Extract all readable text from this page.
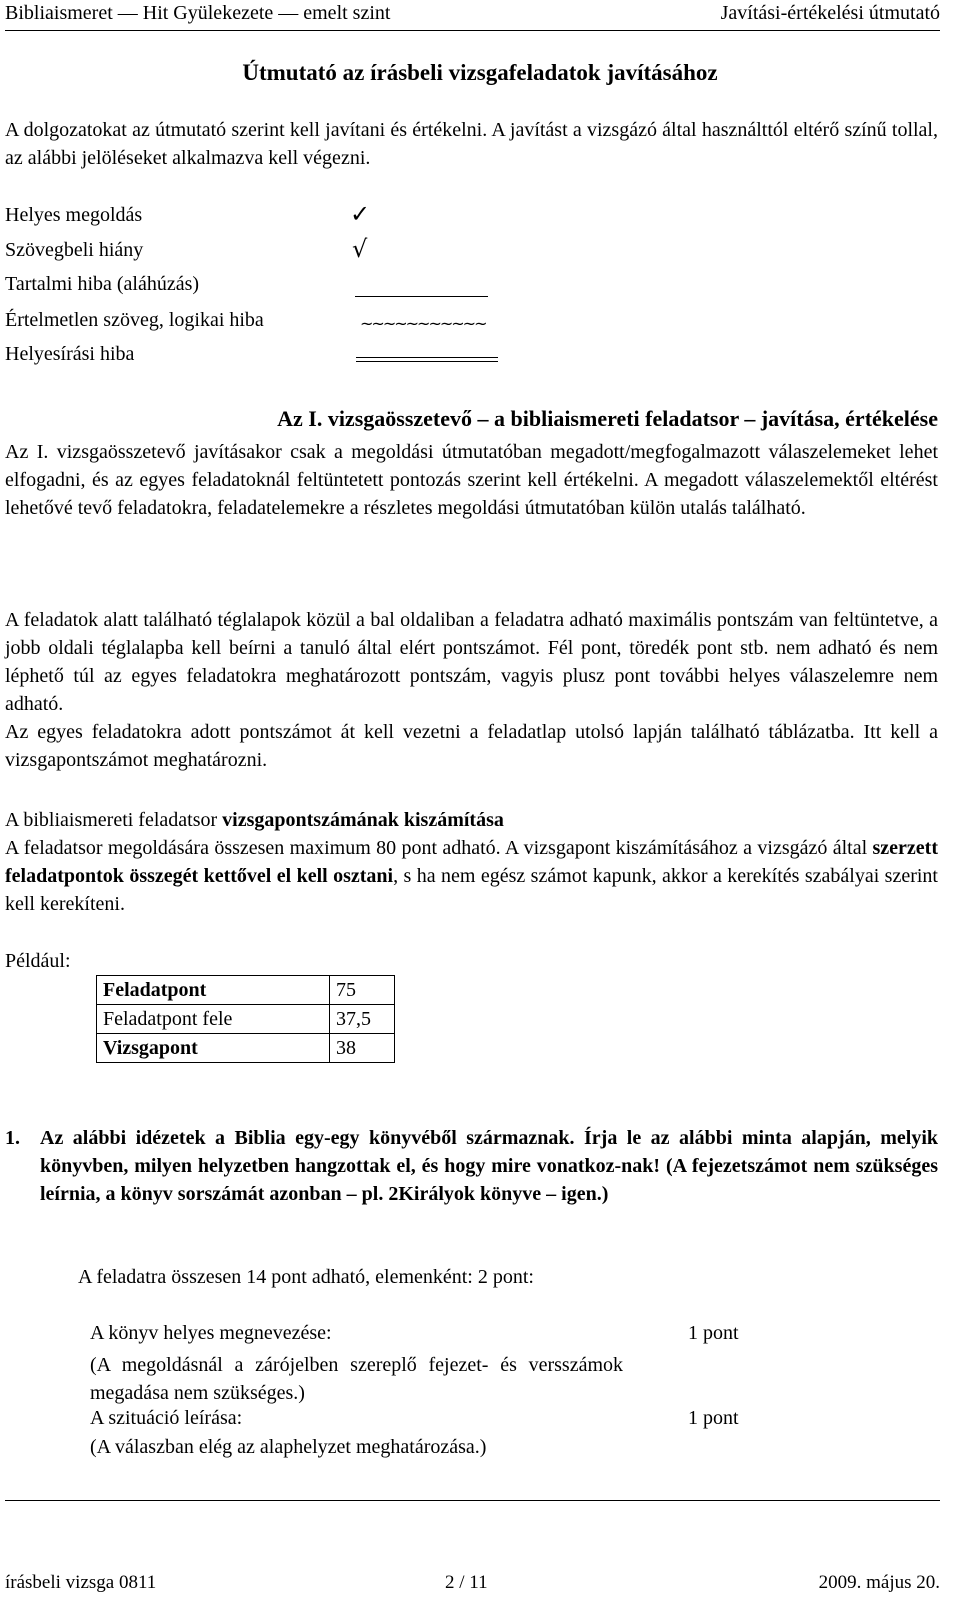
Bibliaismeret — Hit Gyülekezete — emelt szint	Javítási-értékelési útmutató
Útmutató az írásbeli vizsgafeladatok javításához

A dolgozatokat az útmutató szerint kell javítani és értékelni. A javítást a vizsgázó által használttól eltérő színű tollal, az alábbi jelöléseket alkalmazva kell végezni.

Helyes megoldás	✓
Szövegbeli hiány	√
Tartalmi hiba (aláhúzás)
Értelmetlen szöveg, logikai hiba	~~~~~~~~~~~
Helyesírási hiba
Az I. vizsgaösszetevő – a bibliaismereti feladatsor – javítása, értékelése

Az I. vizsgaösszetevő javításakor csak a megoldási útmutatóban megadott/megfogalmazott válaszelemeket lehet elfogadni, és az egyes feladatoknál feltüntetett pontozás szerint kell értékelni. A megadott válaszelemektől eltérést lehetővé tevő feladatokra, feladatelemekre a részletes megoldási útmutatóban külön utalás található.

A feladatok alatt található téglalapok közül a bal oldaliban a feladatra adható maximális pontszám van feltüntetve, a jobb oldali téglalapba kell beírni a tanuló által elért pontszámot. Fél pont, töredék pont stb. nem adható és nem léphető túl az egyes feladatokra meghatározott pontszám, vagyis plusz pont további helyes válaszelemre nem adható.

Az egyes feladatokra adott pontszámot át kell vezetni a feladatlap utolsó lapján található táblázatba. Itt kell a vizsgapontszámot meghatározni.

A bibliaismereti feladatsor vizsgapontszámának kiszámítása

A feladatsor megoldására összesen maximum 80 pont adható. A vizsgapont kiszámításához a vizsgázó által szerzett feladatpontok összegét kettővel el kell osztani, s ha nem egész számot kapunk, akkor a kerekítés szabályai szerint kell kerekíteni.

Például:
Feladatpont	75
Feladatpont fele	37,5
Vizsgapont	38
1. Az alábbi idézetek a Biblia egy-egy könyvéből származnak. Írja le az alábbi minta alapján, melyik könyvben, milyen helyzetben hangzottak el, és hogy mire vonatkoz-nak! (A fejezetszámot nem szükséges leírnia, a könyv sorszámát azonban – pl. 2Királyok könyve – igen.)
A feladatra összesen 14 pont adható, elemenként: 2 pont:
A könyv helyes megnevezése:	1 pont
(A megoldásnál a zárójelben szereplő fejezet- és versszámok megadása nem szükséges.)
A szituáció leírása:	1 pont
(A válaszban elég az alaphelyzet meghatározása.)
írásbeli vizsga 0811	2 / 11	2009. május 20.
